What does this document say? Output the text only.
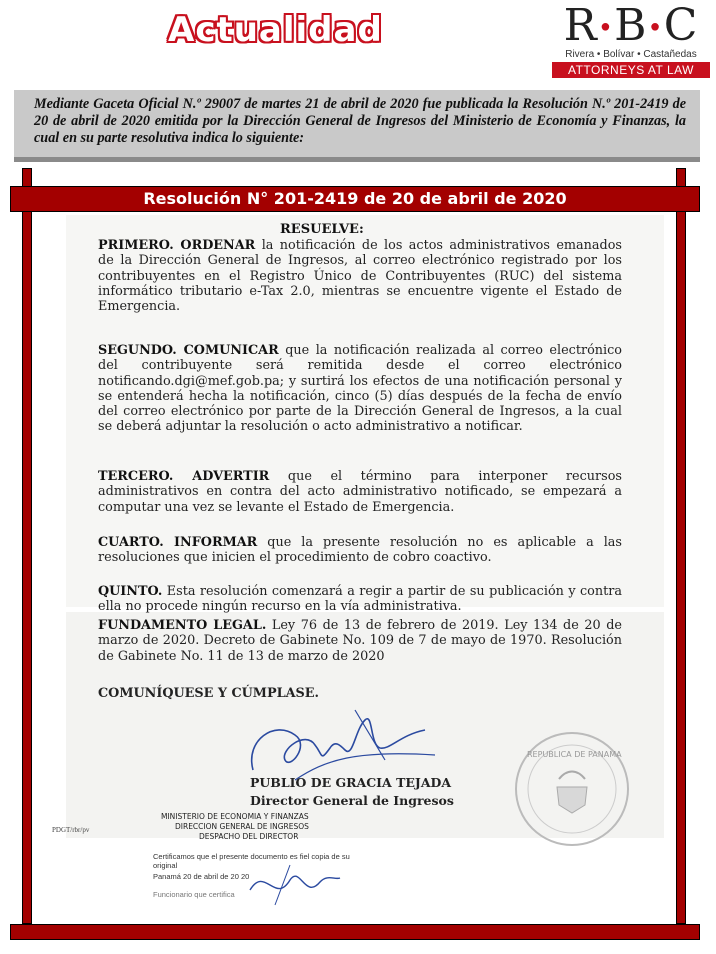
Actualidad	R•B•C
Rivera • Bolívar • Castañedas
ATTORNEYS AT LAW
Mediante Gaceta Oficial N.º 29007 de martes 21 de abril de 2020 fue publicada la Resolución N.º 201-2419 de 20 de abril de 2020 emitida por la Dirección General de Ingresos del Ministerio de Economía y Finanzas, la cual en su parte resolutiva indica lo siguiente:
Resolución N° 201-2419 de 20 de abril de 2020
RESUELVE:
PRIMERO. ORDENAR la notificación de los actos administrativos emanados de la Dirección General de Ingresos, al correo electrónico registrado por los contribuyentes en el Registro Único de Contribuyentes (RUC) del sistema informático tributario e-Tax 2.0, mientras se encuentre vigente el Estado de Emergencia.
SEGUNDO. COMUNICAR que la notificación realizada al correo electrónico del contribuyente será remitida desde el correo electrónico notificando.dgi@mef.gob.pa; y surtirá los efectos de una notificación personal y se entenderá hecha la notificación, cinco (5) días después de la fecha de envío del correo electrónico por parte de la Dirección General de Ingresos, a la cual se deberá adjuntar la resolución o acto administrativo a notificar.
TERCERO. ADVERTIR que el término para interponer recursos administrativos en contra del acto administrativo notificado, se empezará a computar una vez se levante el Estado de Emergencia.
CUARTO. INFORMAR que la presente resolución no es aplicable a las resoluciones que inicien el procedimiento de cobro coactivo.
QUINTO. Esta resolución comenzará a regir a partir de su publicación y contra ella no procede ningún recurso en la vía administrativa.
FUNDAMENTO LEGAL. Ley 76 de 13 de febrero de 2019. Ley 134 de 20 de marzo de 2020. Decreto de Gabinete No. 109 de 7 de mayo de 1970. Resolución de Gabinete No. 11 de 13 de marzo de 2020
COMUNÍQUESE Y CÚMPLASE.
PUBLIO DE GRACIA TEJADA
Director General de Ingresos
REPUBLICA DE PANAMA
PDGT/rbr/pv
MINISTERIO DE ECONOMIA Y FINANZAS
DIRECCION GENERAL DE INGRESOS
DESPACHO DEL DIRECTOR
Certificamos que el presente documento es fiel copia de su original
Panamá 20 de abril de 20 20
Funcionario que certifica
